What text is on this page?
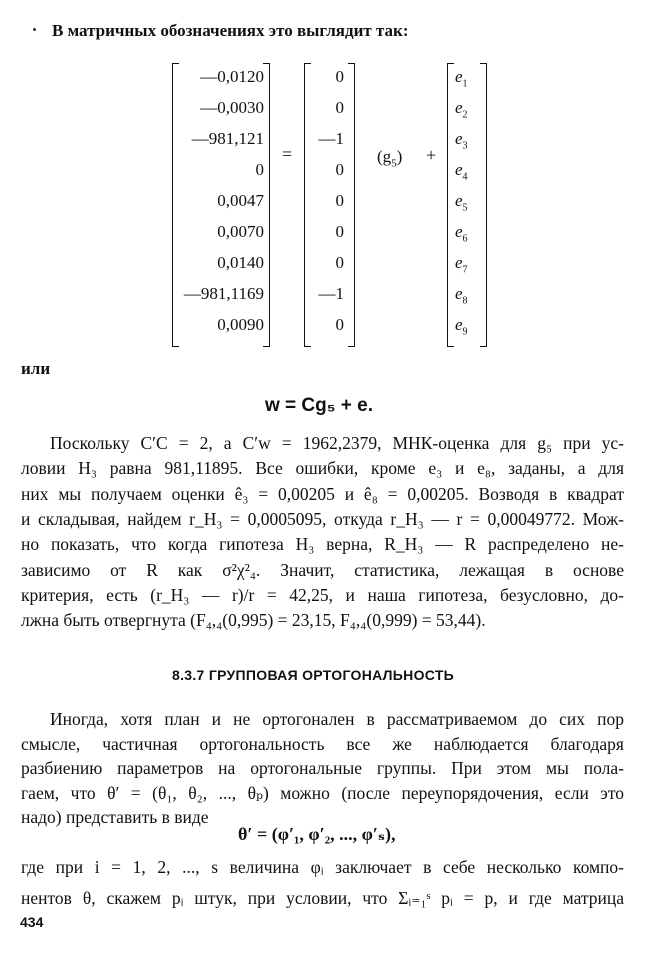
В матричных обозначениях это выглядит так:
—0,0120
—0,0030
—981,121
0
0,0047
0,0070
0,0140
—981,1169
0,0090
=
0
0
—1
0
0
0
0
—1
0
$(g_5)$ +
$e_1$
$e_2$
$e_3$
$e_4$
$e_5$
$e_6$
$e_7$
$e_8$
$e_9$
или
w = Cg₅ + e.
Поскольку C′C = 2, а C′w = 1962,2379, МНК-оценка для g₅ при ус-
ловии H₃ равна 981,11895. Все ошибки, кроме e₃ и e₈, заданы, а для
них мы получаем оценки ê₃ = 0,00205 и ê₈ = 0,00205. Возводя в квадрат
и складывая, найдем r_H₃ = 0,0005095, откуда r_H₃ — r = 0,00049772. Мож-
но показать, что когда гипотеза H₃ верна, R_H₃ — R распределено не-
зависимо от R как σ²χ²₄. Значит, статистика, лежащая в основе
критерия, есть (r_H₃ — r)/r = 42,25, и наша гипотеза, безусловно, до-
лжна быть отвергнута (F₄,₄(0,995) = 23,15, F₄,₄(0,999) = 53,44).
8.3.7 ГРУППОВАЯ ОРТОГОНАЛЬНОСТЬ
Иногда, хотя план и не ортогонален в рассматриваемом до сих пор
смысле, частичная ортогональность все же наблюдается благодаря
разбиению параметров на ортогональные группы. При этом мы пола-
гаем, что θ′ = (θ₁, θ₂, ..., θₚ) можно (после переупорядочения, если это
надо) представить в виде
θ′ = (φ′₁, φ′₂, ..., φ′ₛ),
где при i = 1, 2, ..., s величина φᵢ заключает в себе несколько компо-
нентов θ, скажем pᵢ штук, при условии, что Σᵢ₌₁ˢ pᵢ = p, и где матрица
434
